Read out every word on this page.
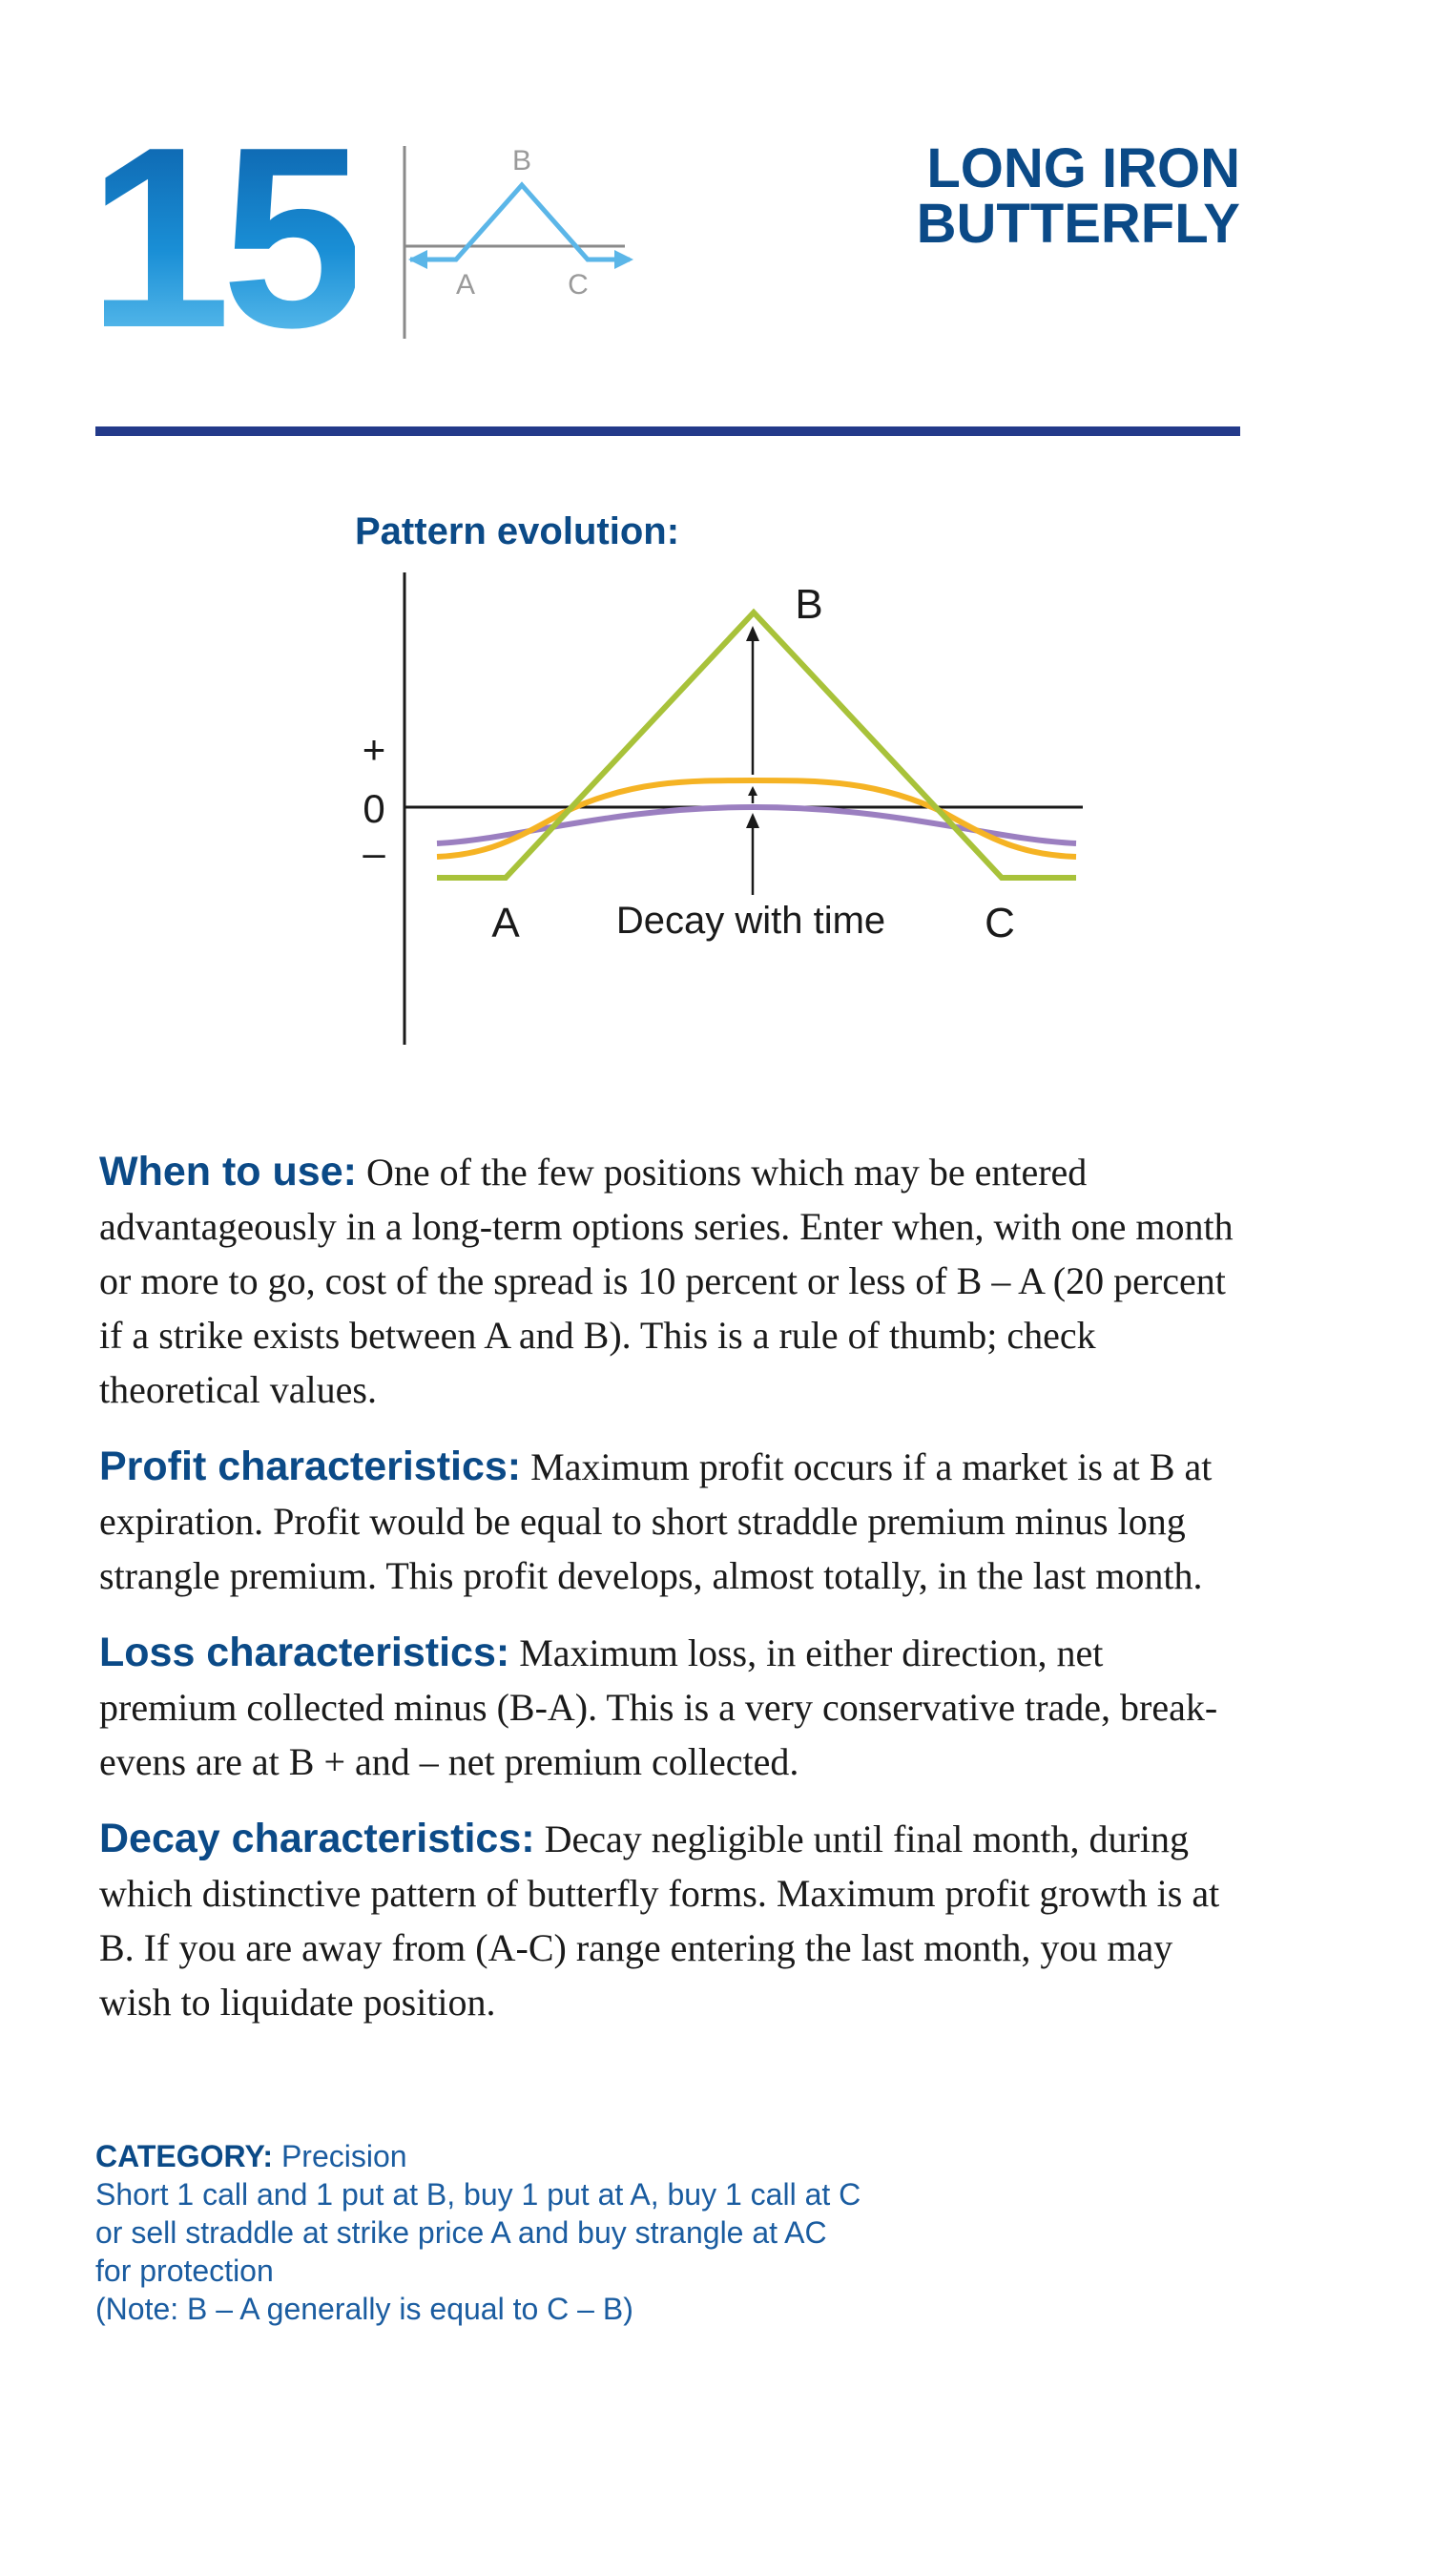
15	B
A	C
LONG IRON
BUTTERFLY
Pattern evolution:
+
0
–
B
A	C
Decay with time

When to use: One of the few positions which may be entered advantageously in a long-term options series. Enter when, with one month or more to go, cost of the spread is 10 percent or less of B – A (20 percent if a strike exists between A and B). This is a rule of thumb; check theoretical values.

Profit characteristics: Maximum profit occurs if a market is at B at expiration. Profit would be equal to short straddle premium minus long strangle premium. This profit develops, almost totally, in the last month.

Loss characteristics: Maximum loss, in either direction, net premium collected minus (B-A). This is a very conservative trade, break-evens are at B + and – net premium collected.

Decay characteristics: Decay negligible until final month, during which distinctive pattern of butterfly forms. Maximum profit growth is at B. If you are away from (A-C) range entering the last month, you may wish to liquidate position.

CATEGORY: Precision
Short 1 call and 1 put at B, buy 1 put at A, buy 1 call at C
or sell straddle at strike price A and buy strangle at AC
for protection
(Note: B – A generally is equal to C – B)
